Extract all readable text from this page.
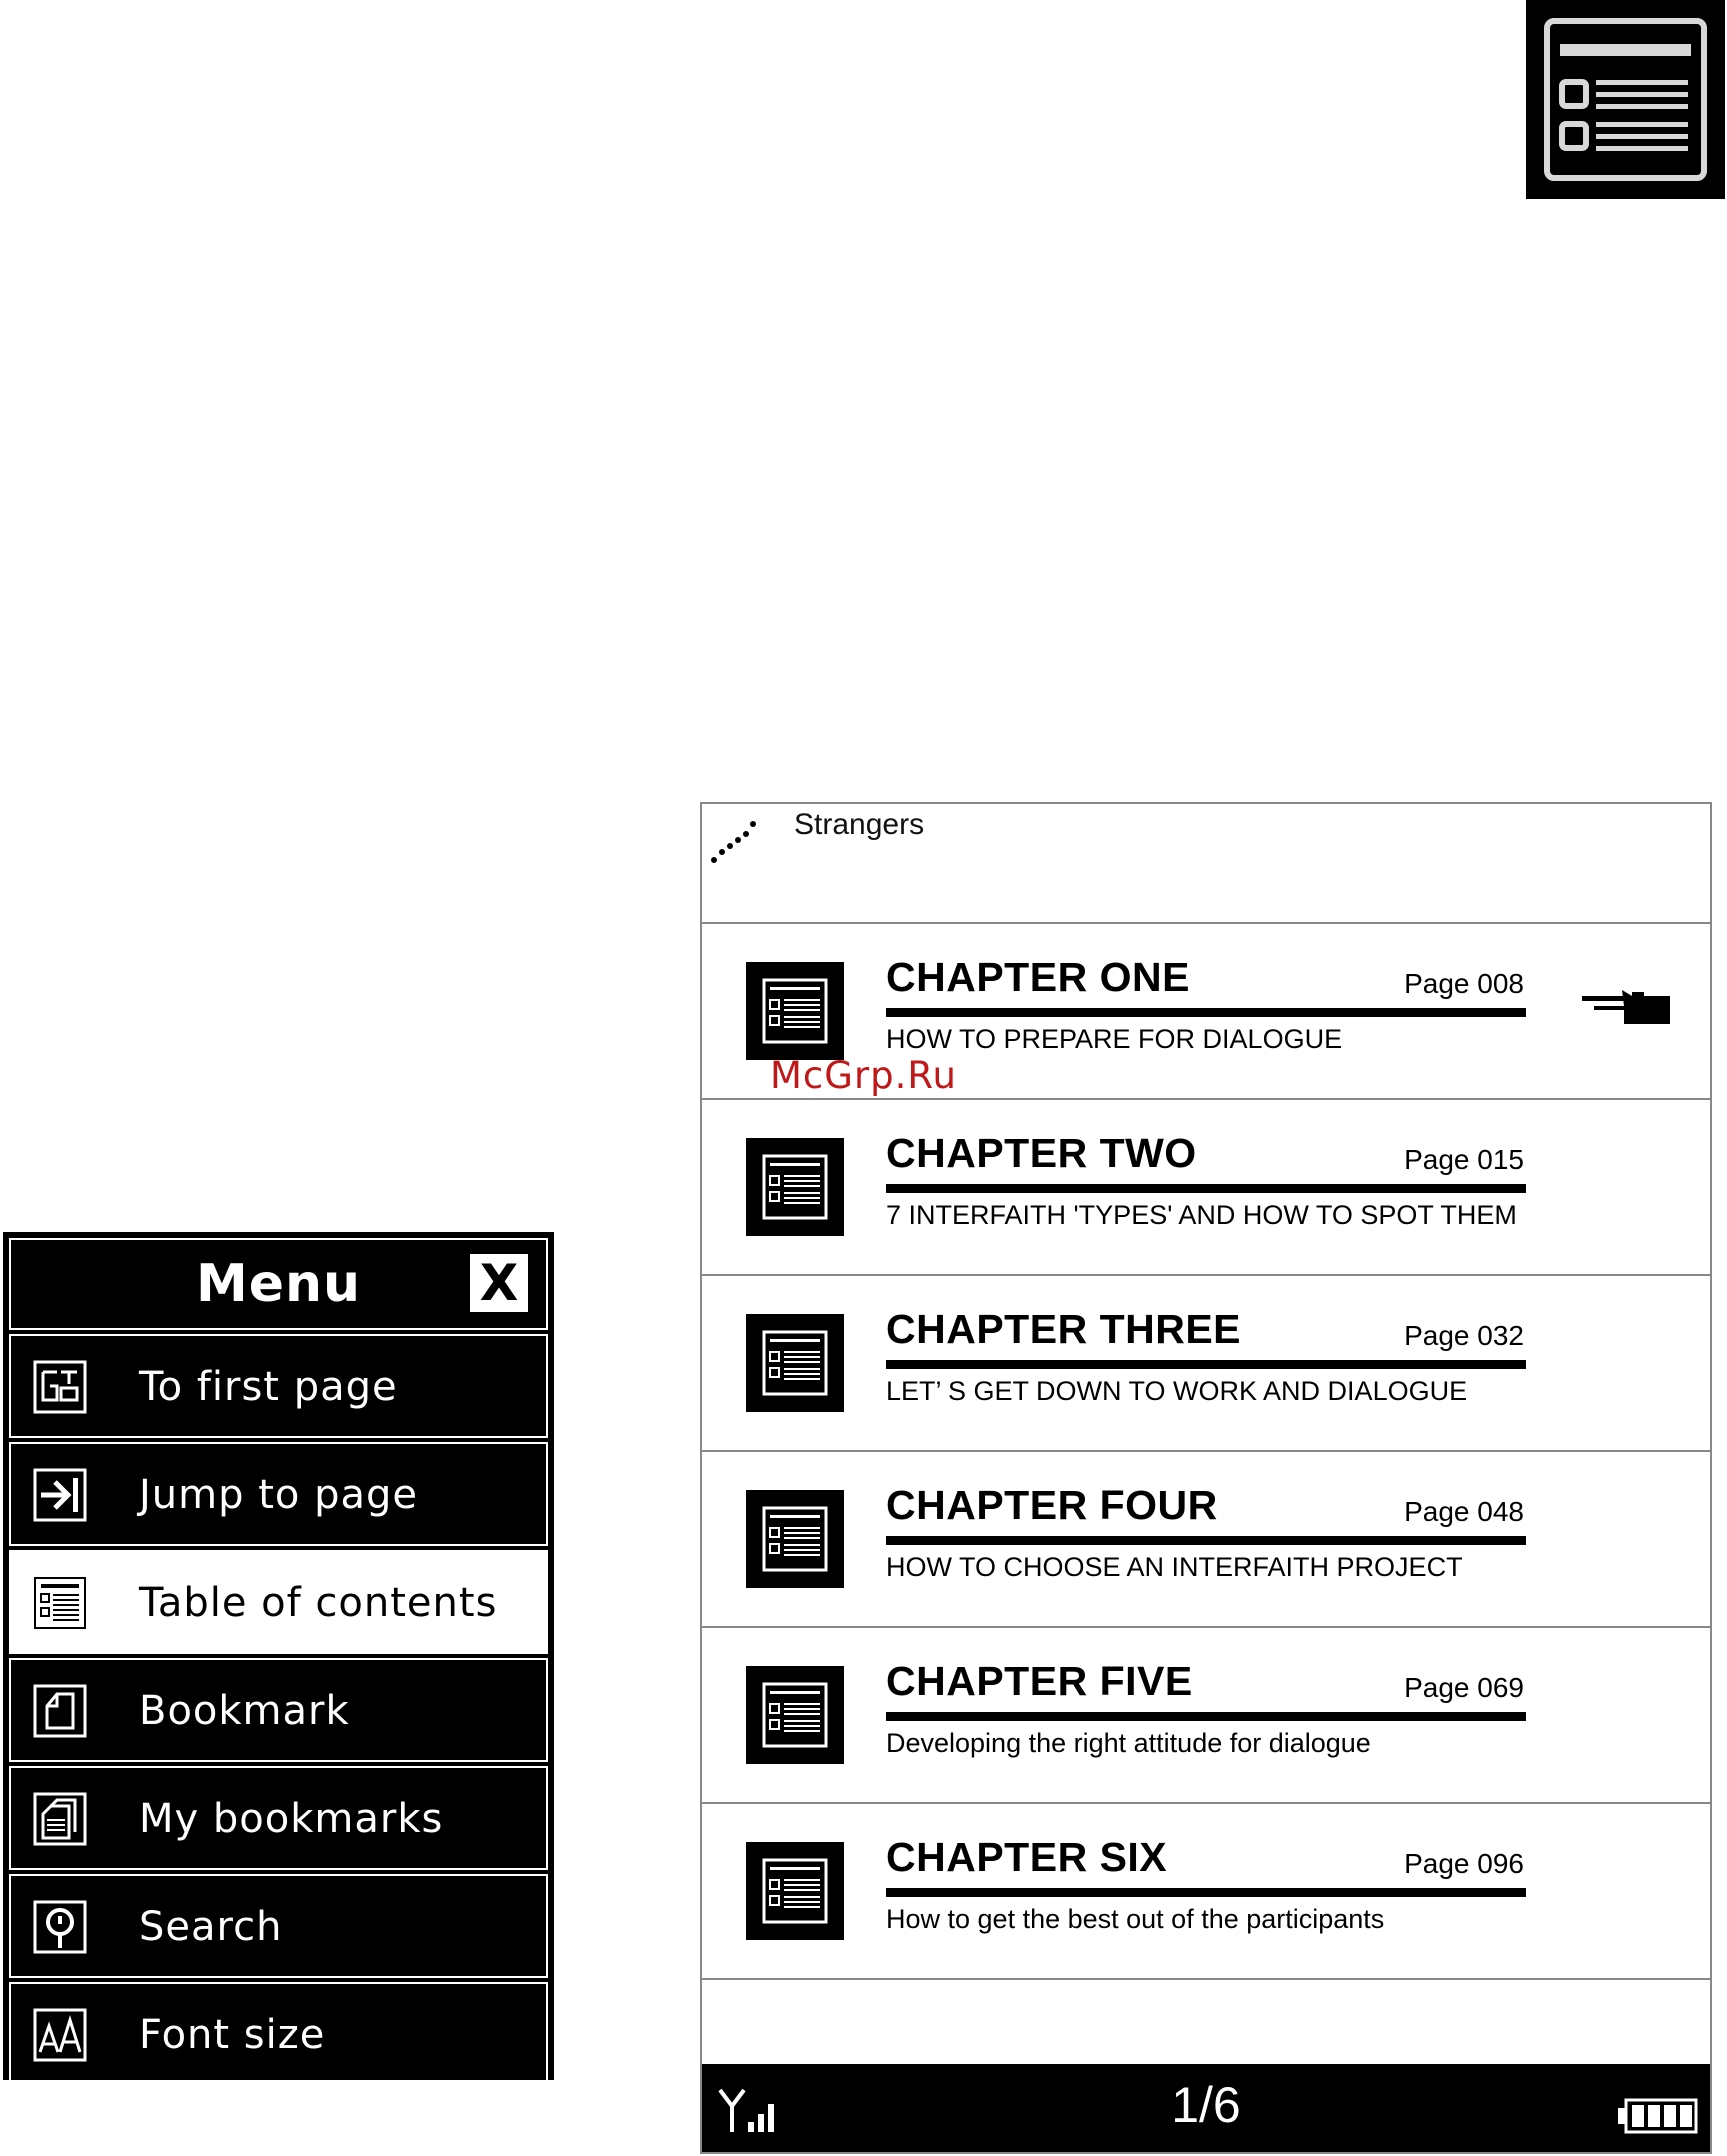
Menu X
To first page
Jump to page
Table of contents
Bookmark
My bookmarks
Search
Font size
Strangers
CHAPTER ONE	Page 008
HOW TO PREPARE FOR DIALOGUE
CHAPTER TWO	Page 015
7 INTERFAITH 'TYPES' AND HOW TO SPOT THEM
CHAPTER THREE	Page 032
LET’ S GET DOWN TO WORK AND DIALOGUE
CHAPTER FOUR	Page 048
HOW TO CHOOSE AN INTERFAITH PROJECT
CHAPTER FIVE	Page 069
Developing the right attitude for dialogue
CHAPTER SIX	Page 096
How to get the best out of the participants
1/6
McGrp.Ru
